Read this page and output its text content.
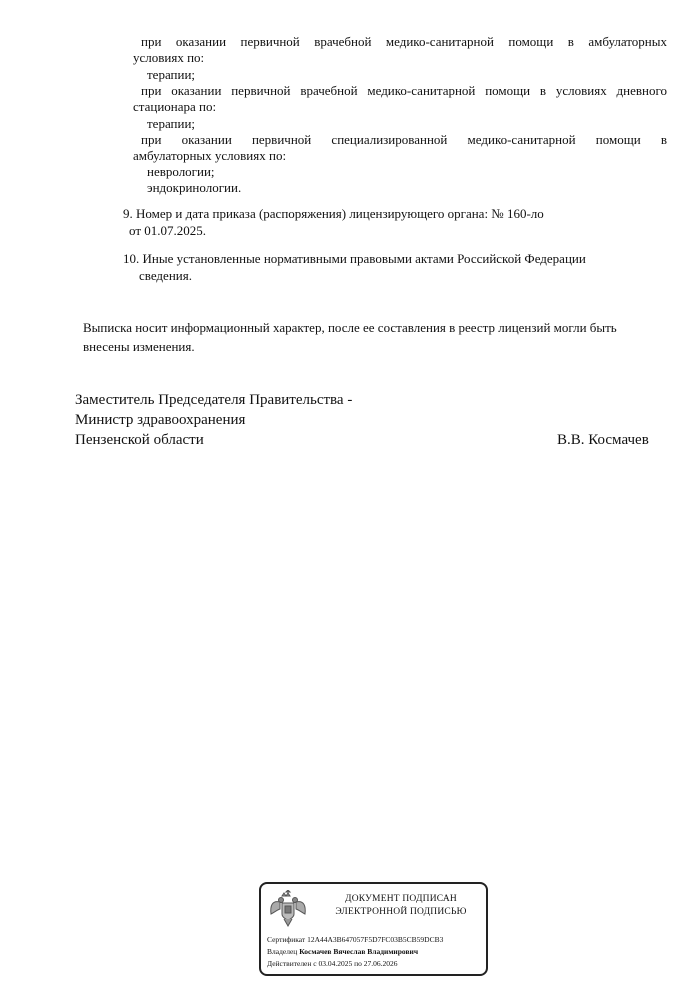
при оказании первичной врачебной медико-санитарной помощи в амбулаторных
условиях по:
терапии;
при оказании первичной врачебной медико-санитарной помощи в условиях дневного
стационара по:
терапии;
при оказании первичной специализированной медико-санитарной помощи в
амбулаторных условиях по:
неврологии;
эндокринологии.
9. Номер и дата приказа (распоряжения) лицензирующего органа: № 160-ло
от 01.07.2025.
10. Иные установленные нормативными правовыми актами Российской Федерации
сведения.
Выписка носит информационный характер, после ее составления в реестр лицензий могли быть
внесены изменения.
Заместитель Председателя Правительства -
Министр здравоохранения
Пензенской области	В.В. Космачев
ДОКУМЕНТ ПОДПИСАН
ЭЛЕКТРОННОЙ ПОДПИСЬЮ
Сертификат 12A44A3B647057F5D7FC03B5CB59DCB3
Владелец Космачев Вячеслав Владимирович
Действителен с 03.04.2025 по 27.06.2026
